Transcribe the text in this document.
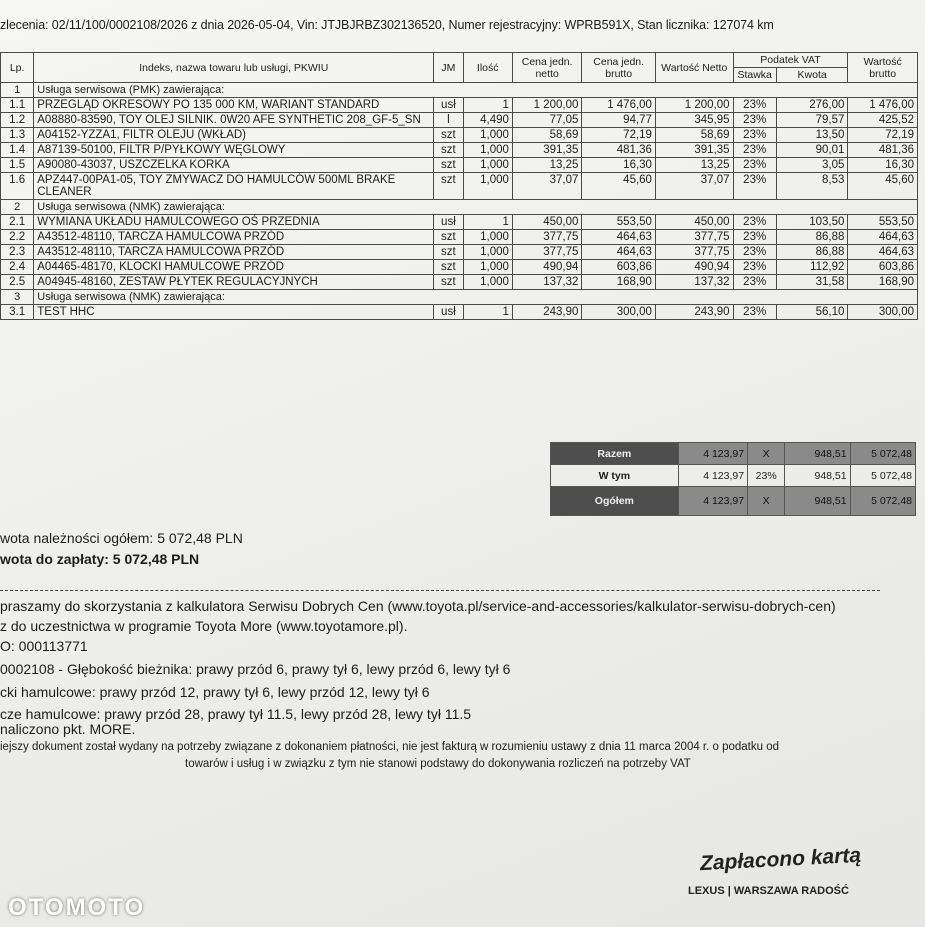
zlecenia: 02/11/100/0002108/2026 z dnia 2026-05-04, Vin: JTJBJRBZ302136520, Numer rejestracyjny: WPRB591X, Stan licznika: 127074 km
Lp.	Indeks, nazwa towaru lub usługi, PKWIU	JM	Ilość	Cena jedn. netto	Cena jedn. brutto	Wartość Netto	Podatek VAT		Wartość brutto
							Stawka	Kwota	
1	Usługa serwisowa (PMK) zawierająca:								
1.1	PRZEGLĄD OKRESOWY PO 135 000 KM, WARIANT STANDARD	usł	1	1 200,00	1 476,00	1 200,00	23%	276,00	1 476,00
1.2	A08880-83590, TOY OLEJ SILNIK. 0W20 AFE SYNTHETIC 208_GF-5_SN	l	4,490	77,05	94,77	345,95	23%	79,57	425,52
1.3	A04152-YZZA1, FILTR OLEJU (WKŁAD)	szt	1,000	58,69	72,19	58,69	23%	13,50	72,19
1.4	A87139-50100, FILTR P/PYŁKOWY WĘGLOWY	szt	1,000	391,35	481,36	391,35	23%	90,01	481,36
1.5	A90080-43037, USZCZELKA KORKA	szt	1,000	13,25	16,30	13,25	23%	3,05	16,30
1.6	APZ447-00PA1-05, TOY ZMYWACZ DO HAMULCÓW 500ML BRAKE CLEANER	szt	1,000	37,07	45,60	37,07	23%	8,53	45,60
2	Usługa serwisowa (NMK) zawierająca:								
2.1	WYMIANA UKŁADU HAMULCOWEGO OŚ PRZEDNIA	usł	1	450,00	553,50	450,00	23%	103,50	553,50
2.2	A43512-48110, TARCZA HAMULCOWA PRZÓD	szt	1,000	377,75	464,63	377,75	23%	86,88	464,63
2.3	A43512-48110, TARCZA HAMULCOWA PRZÓD	szt	1,000	377,75	464,63	377,75	23%	86,88	464,63
2.4	A04465-48170, KLOCKI HAMULCOWE PRZÓD	szt	1,000	490,94	603,86	490,94	23%	112,92	603,86
2.5	A04945-48160, ZESTAW PŁYTEK REGULACYJNYCH	szt	1,000	137,32	168,90	137,32	23%	31,58	168,90
3	Usługa serwisowa (NMK) zawierająca:								
3.1	TEST HHC	usł	1	243,90	300,00	243,90	23%	56,10	300,00
Razem	4 123,97	X	948,51	5 072,48
W tym	4 123,97	23%	948,51	5 072,48
Ogółem	4 123,97	X	948,51	5 072,48
wota należności ogółem: 5 072,48 PLN
wota do zapłaty: 5 072,48 PLN
praszamy do skorzystania z kalkulatora Serwisu Dobrych Cen (www.toyota.pl/service-and-accessories/kalkulator-serwisu-dobrych-cen)
z do uczestnictwa w programie Toyota More (www.toyotamore.pl).
O: 000113771
0002108 - Głębokość bieżnika: prawy przód 6, prawy tył 6, lewy przód 6, lewy tył 6
cki hamulcowe: prawy przód 12, prawy tył 6, lewy przód 12, lewy tył 6
cze hamulcowe: prawy przód 28, prawy tył 11.5, lewy przód 28, lewy tył 11.5
naliczono pkt. MORE.
iejszy dokument został wydany na potrzeby związane z dokonaniem płatności, nie jest fakturą w rozumieniu ustawy z dnia 11 marca 2004 r. o podatku od
towarów i usług i w związku z tym nie stanowi podstawy do dokonywania rozliczeń na potrzeby VAT
Zapłacono kartą
LEXUS | WARSZAWA RADOŚĆ
OTOMOTO
